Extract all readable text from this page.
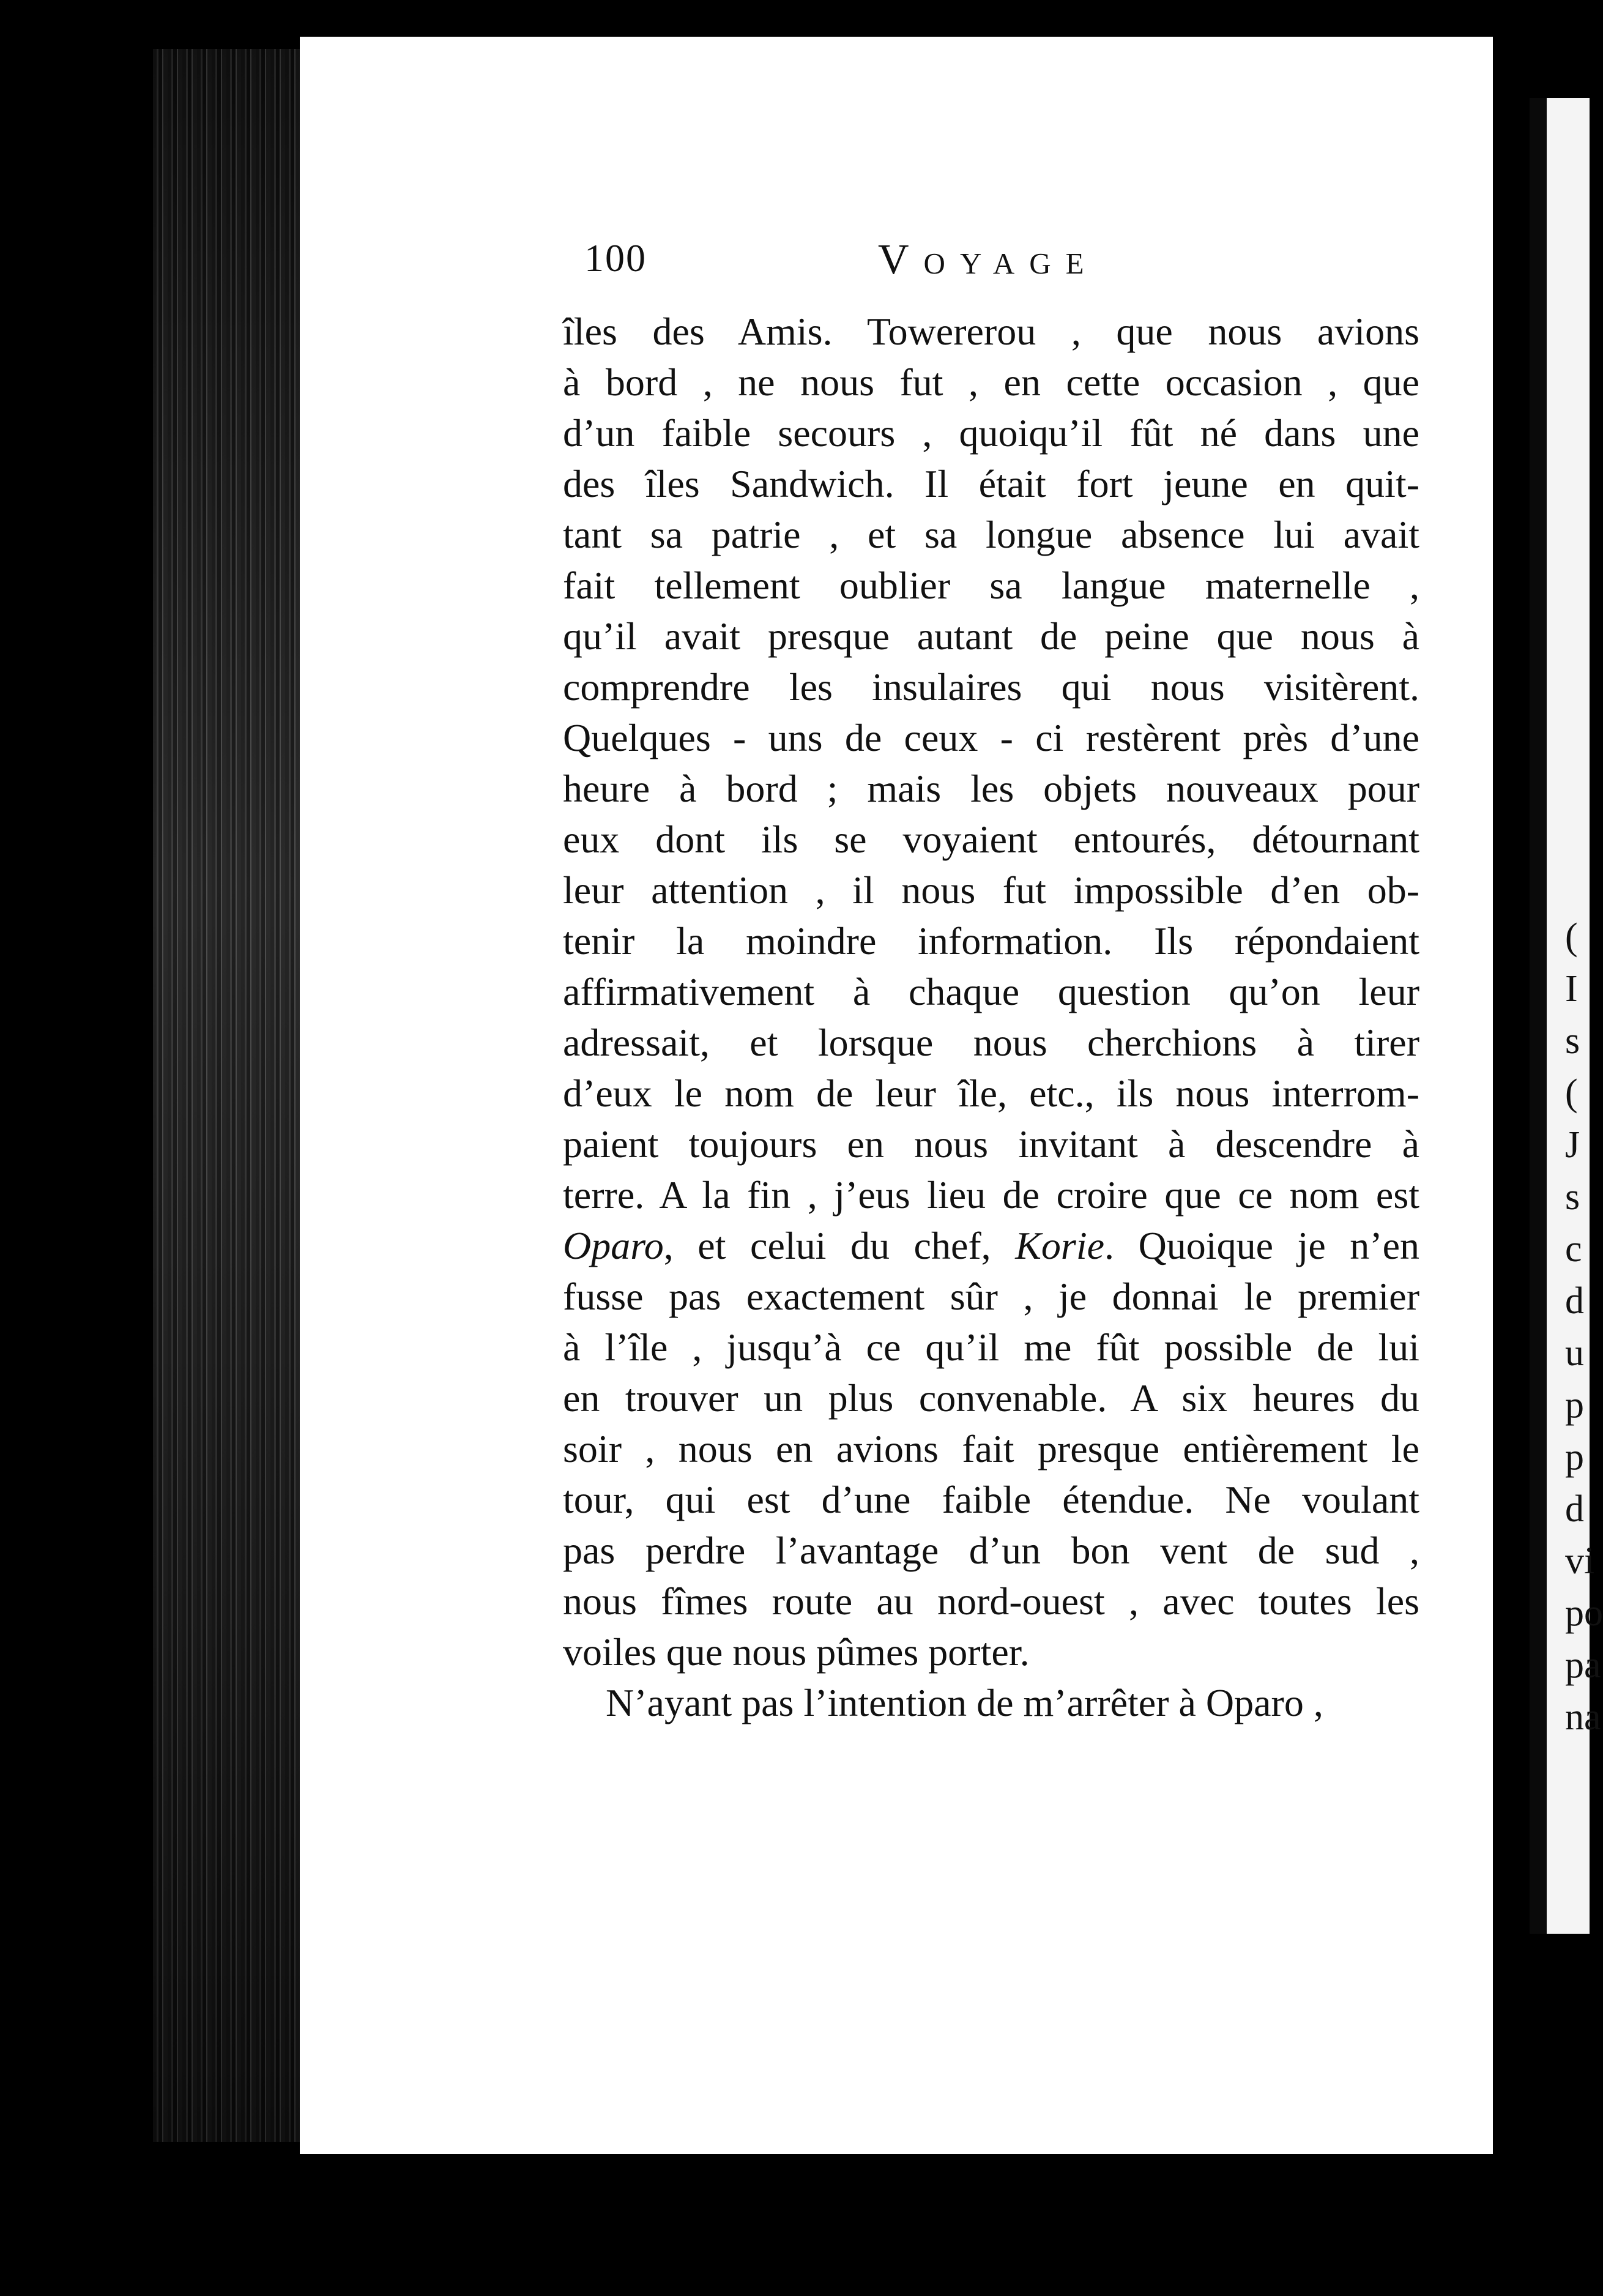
(
I
s
(
J
s
c
d
u
p
p
d
vi
po
pa
na
100	Voyage
îles des Amis. Towererou , que nous avions
à bord , ne nous fut , en cette occasion , que
d’un faible secours , quoiqu’il fût né dans une
des îles Sandwich. Il était fort jeune en quit-
tant sa patrie , et sa longue absence lui avait
fait tellement oublier sa langue maternelle ,
qu’il avait presque autant de peine que nous à
comprendre les insulaires qui nous visitèrent.
Quelques - uns de ceux - ci restèrent près d’une
heure à bord ; mais les objets nouveaux pour
eux dont ils se voyaient entourés, détournant
leur attention , il nous fut impossible d’en ob-
tenir la moindre information. Ils répondaient
affirmativement à chaque question qu’on leur
adressait, et lorsque nous cherchions à tirer
d’eux le nom de leur île, etc., ils nous interrom-
paient toujours en nous invitant à descendre à
terre. A la fin , j’eus lieu de croire que ce nom est
Oparo, et celui du chef, Korie. Quoique je n’en
fusse pas exactement sûr , je donnai le premier
à l’île , jusqu’à ce qu’il me fût possible de lui
en trouver un plus convenable. A six heures du
soir , nous en avions fait presque entièrement le
tour, qui est d’une faible étendue. Ne voulant
pas perdre l’avantage d’un bon vent de sud ,
nous fîmes route au nord-ouest , avec toutes les
voiles que nous pûmes porter.
N’ayant pas l’intention de m’arrêter à Oparo ,
